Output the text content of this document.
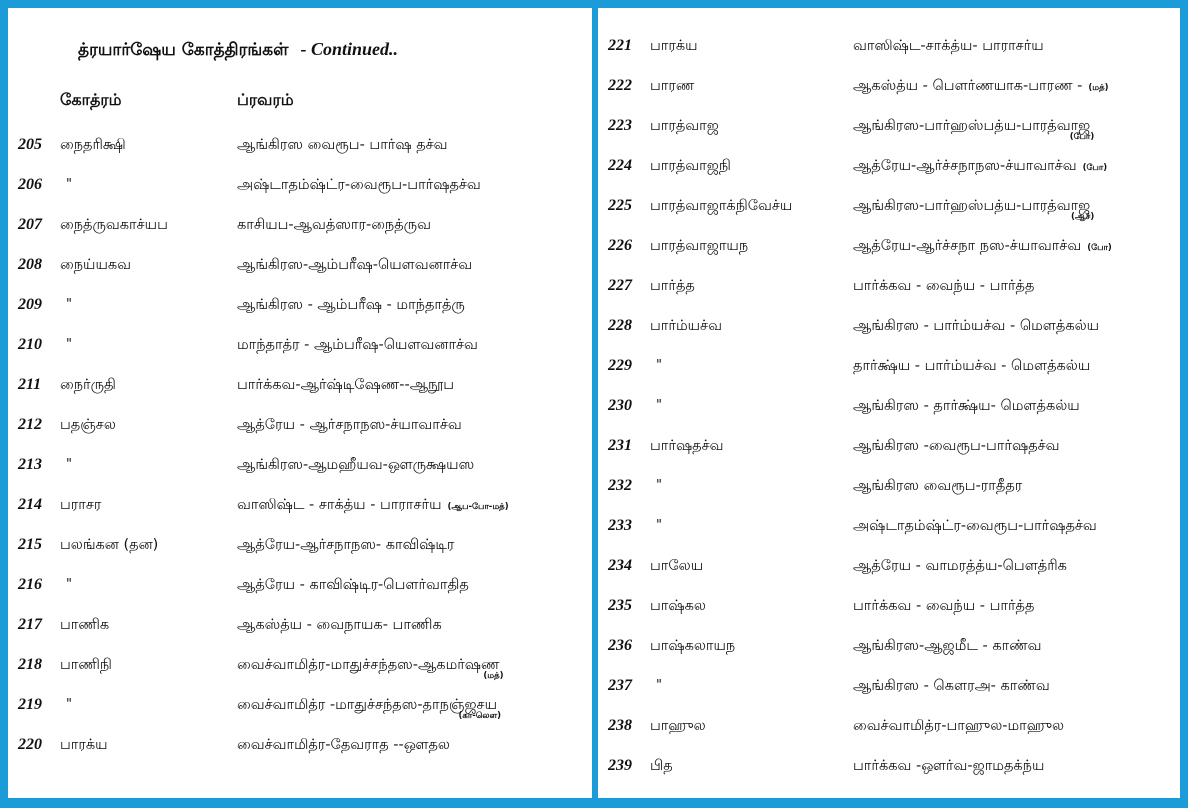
த்ரயார்ஷேய கோத்திரங்கள் - Continued..
கோத்ரம்	ப்ரவரம்
205 நைதரிக்ஷி	ஆங்கிரஸ வைரூப- பார்ஷ தச்வ
206 "	அஷ்டாதம்ஷ்ட்ர-வைரூப-பார்ஷதச்வ
207 நைத்ருவகாச்யப	காசியப-ஆவத்ஸார-நைத்ருவ
208 நைய்யகவ	ஆங்கிரஸ-ஆம்பரீஷ-யௌவனாச்வ
209 "	ஆங்கிரஸ - ஆம்பரீஷ - மாந்தாத்ரு
210 "	மாந்தாத்ர - ஆம்பரீஷ-யௌவனாச்வ
211 நைர்ருதி	பார்க்கவ-ஆர்ஷ்டிஷேண--ஆநூப
212 பதஞ்சல	ஆத்ரேய - ஆர்சநாநஸ-ச்யாவாச்வ
213 "	ஆங்கிரஸ-ஆமஹீயவ-ஔருக்ஷயஸ
214 பராசர	வாஸிஷ்ட - சாக்த்ய - பாராசர்ய (ஆப-போ-மத்)
215 பலங்கன (தன)	ஆத்ரேய-ஆர்சநாநஸ- காவிஷ்டிர
216 "	ஆத்ரேய - காவிஷ்டிர-பௌர்வாதித
217 பாணிக	ஆகஸ்த்ய - வைநாயக- பாணிக
218 பாணிநி	வைச்வாமித்ர-மாதுச்சந்தஸ-ஆகமர்ஷண
(மத்)
219 "	வைச்வாமித்ர -மாதுச்சந்தஸ-தாநஞ்ஜசய
(கா-லௌ)
220 பாரக்ய	வைச்வாமித்ர-தேவராத --ஔதல
221 பாரக்ய	வாஸிஷ்ட-சாக்த்ய- பாராசர்ய
222 பாரண	ஆகஸ்த்ய - பௌர்ணயாக-பாரண - (மத்)
223 பாரத்வாஜ	ஆங்கிரஸ-பார்ஹஸ்பத்ய-பாரத்வாஜ
(போ)
224 பாரத்வாஜநி	ஆத்ரேய-ஆர்ச்சநாநஸ-ச்யாவாச்வ (போ)
225 பாரத்வாஜாக்நிவேச்ய	ஆங்கிரஸ-பார்ஹஸ்பத்ய-பாரத்வாஜ
(ஆச்)
226 பாரத்வாஜாயந	ஆத்ரேய-ஆர்ச்சநா நஸ-ச்யாவாச்வ (போ)
227 பார்த்த	பார்க்கவ - வைந்ய - பார்த்த
228 பார்ம்யச்வ	ஆங்கிரஸ - பார்ம்யச்வ - மௌத்கல்ய
229 "	தார்க்ஷ்ய - பார்ம்யச்வ - மௌத்கல்ய
230 "	ஆங்கிரஸ - தார்க்ஷ்ய- மௌத்கல்ய
231 பார்ஷதச்வ	ஆங்கிரஸ -வைரூப-பார்ஷதச்வ
232 "	ஆங்கிரஸ வைரூப-ராதீதர
233 "	அஷ்டாதம்ஷ்ட்ர-வைரூப-பார்ஷதச்வ
234 பாலேய	ஆத்ரேய - வாமரத்த்ய-பௌத்ரிக
235 பாஷ்கல	பார்க்கவ - வைந்ய - பார்த்த
236 பாஷ்கலாயந	ஆங்கிரஸ-ஆஜமீட - காண்வ
237 "	ஆங்கிரஸ - கௌரஅ- காண்வ
238 பாஹுல	வைச்வாமித்ர-பாஹுல-மாஹுல
239 பித	பார்க்கவ -ஔர்வ-ஜாமதக்ந்ய
